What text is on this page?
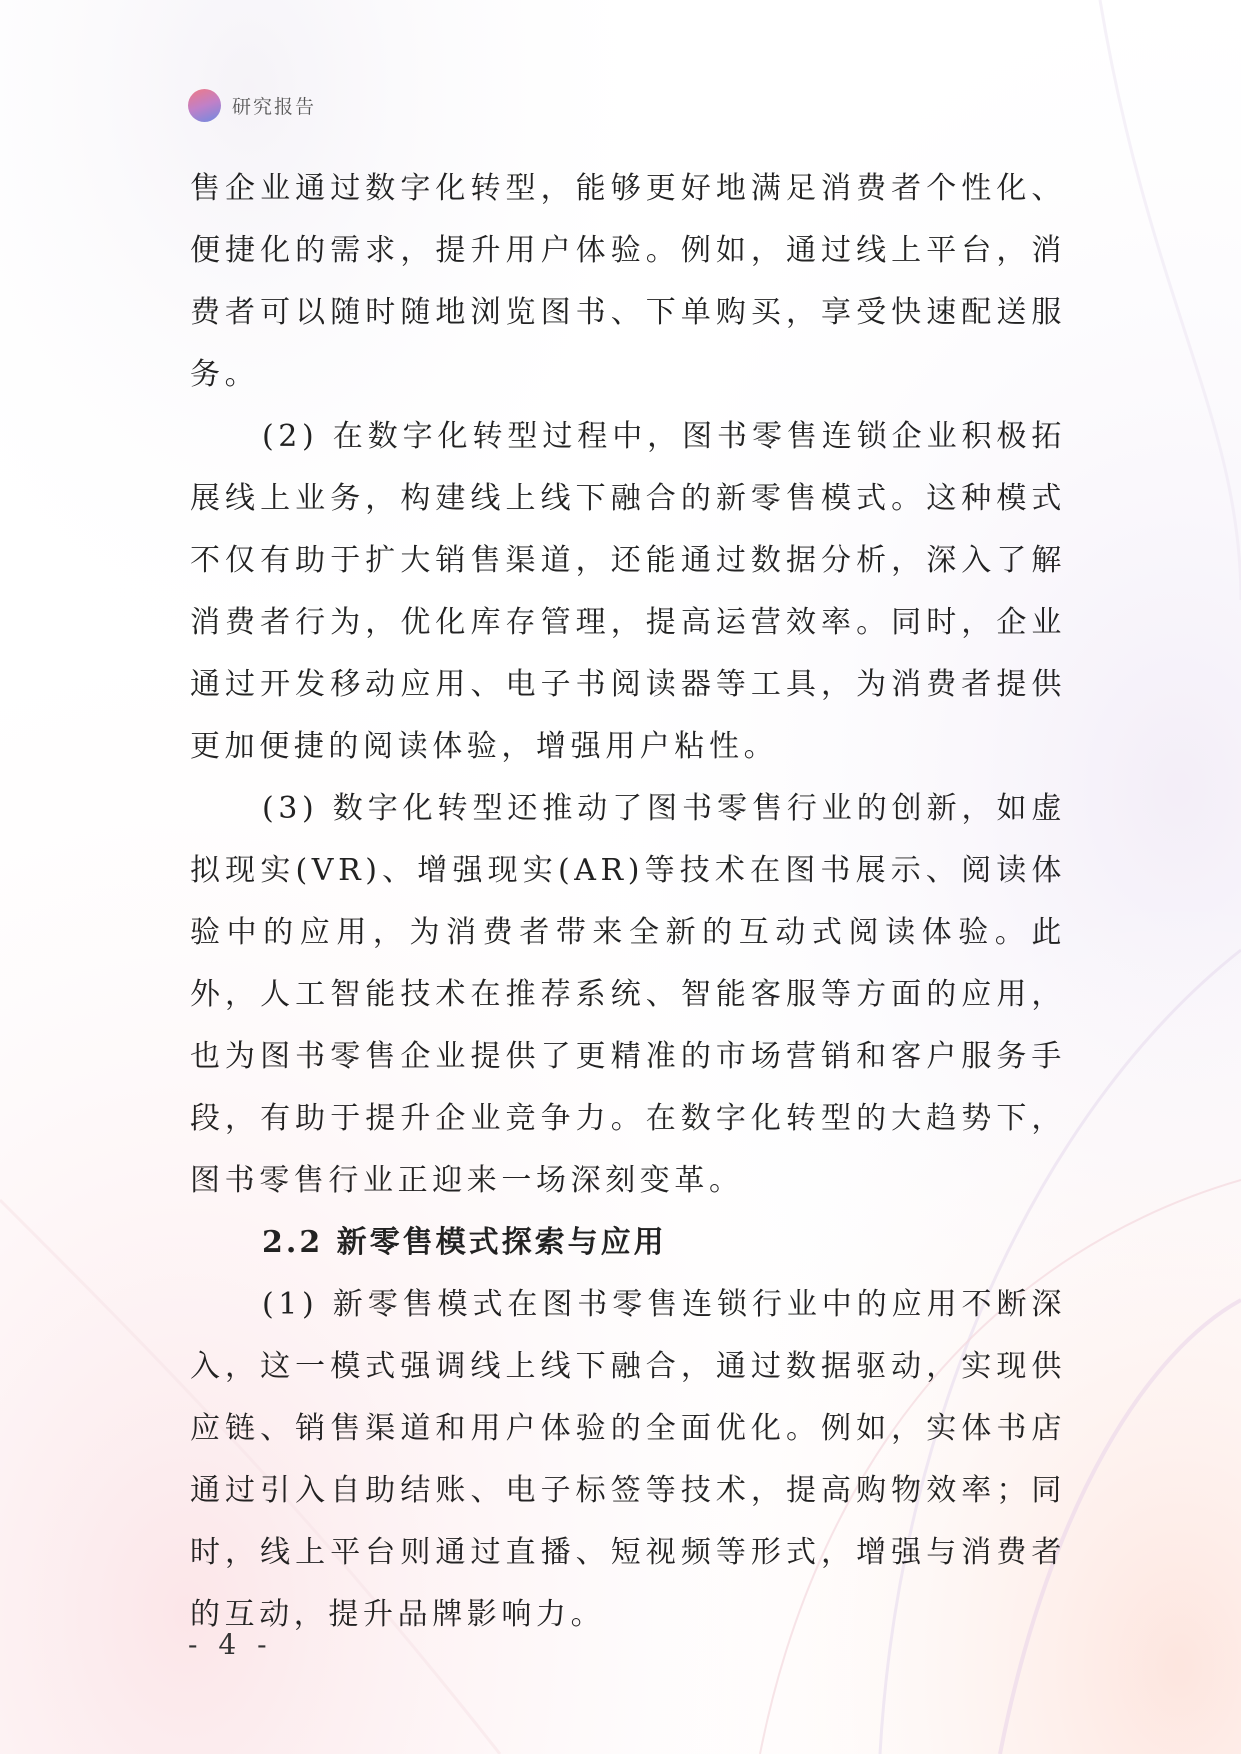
研究报告

售企业通过数字化转型，能够更好地满足消费者个性化、便捷化的需求，提升用户体验。例如，通过线上平台，消费者可以随时随地浏览图书、下单购买，享受快速配送服务。

(2) 在数字化转型过程中，图书零售连锁企业积极拓展线上业务，构建线上线下融合的新零售模式。这种模式不仅有助于扩大销售渠道，还能通过数据分析，深入了解消费者行为，优化库存管理，提高运营效率。同时，企业通过开发移动应用、电子书阅读器等工具，为消费者提供更加便捷的阅读体验，增强用户粘性。

(3) 数字化转型还推动了图书零售行业的创新，如虚拟现实(VR)、增强现实(AR)等技术在图书展示、阅读体验中的应用，为消费者带来全新的互动式阅读体验。此外，人工智能技术在推荐系统、智能客服等方面的应用，也为图书零售企业提供了更精准的市场营销和客户服务手段，有助于提升企业竞争力。在数字化转型的大趋势下，图书零售行业正迎来一场深刻变革。

2.2 新零售模式探索与应用

(1) 新零售模式在图书零售连锁行业中的应用不断深入，这一模式强调线上线下融合，通过数据驱动，实现供应链、销售渠道和用户体验的全面优化。例如，实体书店通过引入自助结账、电子标签等技术，提高购物效率；同时，线上平台则通过直播、短视频等形式，增强与消费者的互动，提升品牌影响力。

- 4 -
